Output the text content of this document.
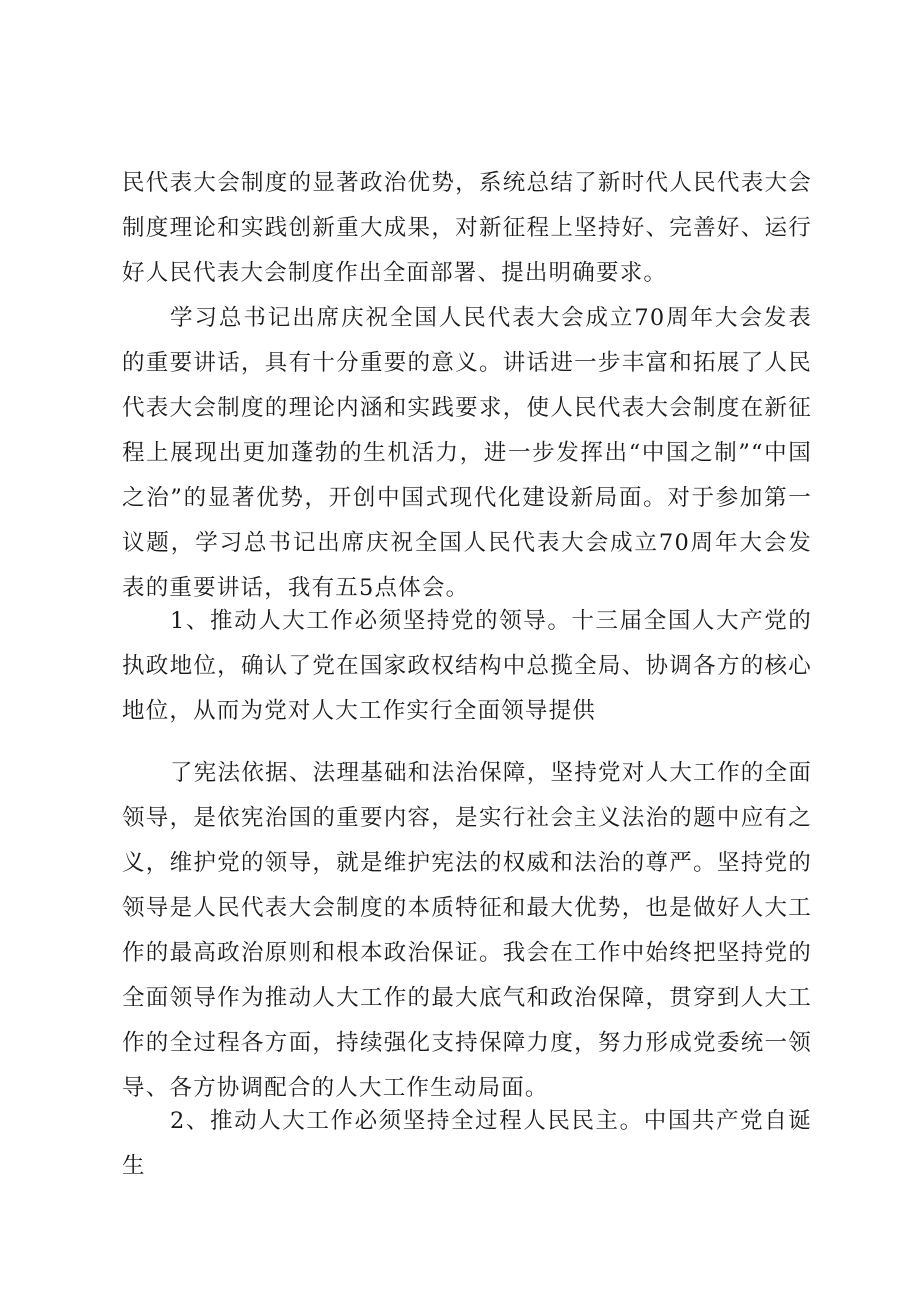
民代表大会制度的显著政治优势，系统总结了新时代人民代表大会制度理论和实践创新重大成果，对新征程上坚持好、完善好、运行好人民代表大会制度作出全面部署、提出明确要求。

学习总书记出席庆祝全国人民代表大会成立70周年大会发表的重要讲话，具有十分重要的意义。讲话进一步丰富和拓展了人民代表大会制度的理论内涵和实践要求，使人民代表大会制度在新征程上展现出更加蓬勃的生机活力，进一步发挥出“中国之制”“中国之治”的显著优势，开创中国式现代化建设新局面。对于参加第一议题，学习总书记出席庆祝全国人民代表大会成立70周年大会发表的重要讲话，我有五5点体会。

1、推动人大工作必须坚持党的领导。十三届全国人大产党的执政地位，确认了党在国家政权结构中总揽全局、协调各方的核心地位，从而为党对人大工作实行全面领导提供

了宪法依据、法理基础和法治保障，坚持党对人大工作的全面领导，是依宪治国的重要内容，是实行社会主义法治的题中应有之义，维护党的领导，就是维护宪法的权威和法治的尊严。坚持党的领导是人民代表大会制度的本质特征和最大优势，也是做好人大工作的最高政治原则和根本政治保证。我会在工作中始终把坚持党的全面领导作为推动人大工作的最大底气和政治保障，贯穿到人大工作的全过程各方面，持续强化支持保障力度，努力形成党委统一领导、各方协调配合的人大工作生动局面。

2、推动人大工作必须坚持全过程人民民主。中国共产党自诞生
